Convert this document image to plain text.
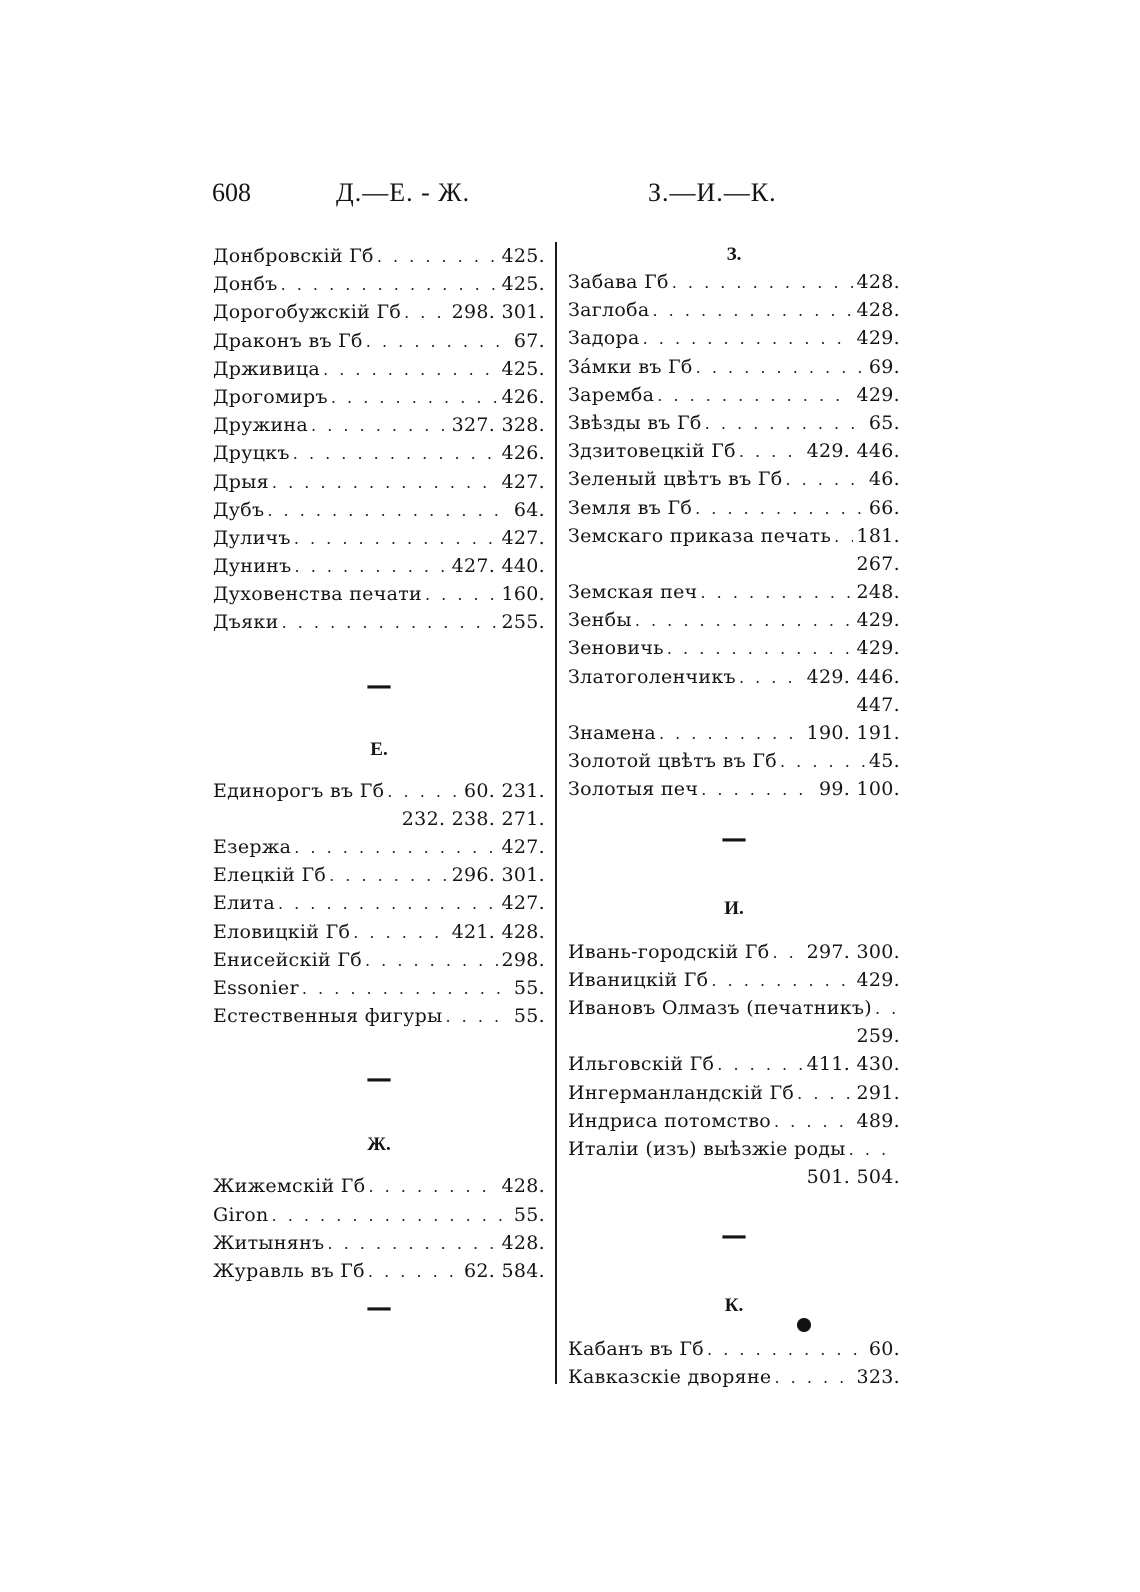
608	Д.—Е. - Ж.	З.—И.—К.
Донбровскій Гб . . .	425.
Донбъ . . .	425.
Дорогобужскій Гб . . .	298. 301.
Драконъ въ Гб . . .	67.
Држивица . . .	425.
Дрогомиръ . . .	426.
Дружина . . .	327. 328.
Друцкъ . . .	426.
Дрыя . . .	427.
Дубъ . . .	64.
Дуличъ . . .	427.
Дунинъ . . .	427. 440.
Духовенства печати . . .	160.
Дъяки . . .	255.
—
Е.
Единорогъ въ Гб . . .	60. 231.
232. 238. 271.
Езержа . . .	427.
Елецкій Гб . . .	296. 301.
Елита . . .	427.
Еловицкій Гб . . .	421. 428.
Енисейскій Гб . . .	298.
Essonier . . .	55.
Естественныя фигуры . . .	55.
—
Ж.
Жижемскій Гб . . .	428.
Giron . . .	55.
Житынянъ . . .	428.
Журавль въ Гб . . .	62. 584.
—
З.
Забава Гб . . .	428.
Заглоба . . .	428.
Задора . . .	429.
Зáмки въ Гб . . .	69.
Заремба . . .	429.
Звѣзды въ Гб . . .	65.
Здзитовецкій Гб . . .	429. 446.
Зеленый цвѣтъ въ Гб . . .	46.
Земля въ Гб . . .	66.
Земскаго приказа печать . . . 181.
267.
Земская печ . . .	248.
Зенбы . . .	429.
Зеновичь . . .	429.
Златоголенчикъ . . .	429. 446.
447.
Знамена . . .	190. 191.
Золотой цвѣтъ въ Гб . . .	45.
Золотыя печ . . .	99. 100.
—
И.
Ивань-городскій Гб . . . 297. 300.
Иваницкій Гб . . .	429.
Ивановъ Олмазъ (печатникъ)
. . .
259.
Ильговскій Гб . . .	411. 430.
Ингерманландскій Гб . . .	291.
Индриса потомство . . .	489.
Италіи (изъ) выѣзжіе роды
. . .
501. 504.
—
К.
Кабанъ въ Гб . . .	60.
Кавказскіе дворяне . . .	323.
